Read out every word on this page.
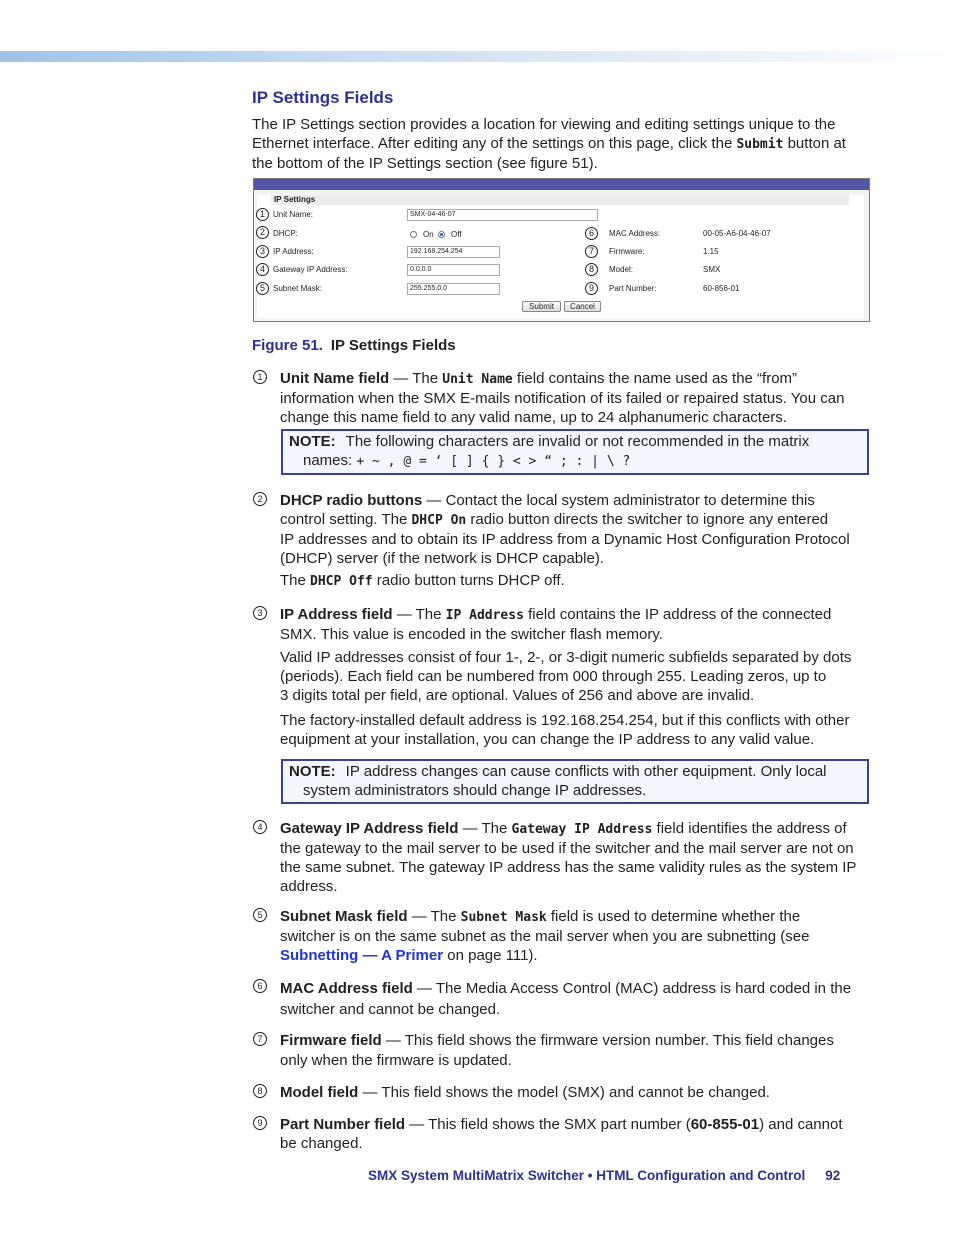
IP Settings Fields
The IP Settings section provides a location for viewing and editing settings unique to the
Ethernet interface. After editing any of the settings on this page, click the Submit button at
the bottom of the IP Settings section (see figure 51).
IP Settings
1	Unit Name:	SMX-04-46-07
2	DHCP:	On Off
3	IP Address:	192.168.254.254
4	Gateway IP Address:	0.0.0.0
5	Subnet Mask:	255.255.0.0
6	MAC Address:	00-05-A6-04-46-07
7	Firmware:	1.15
8	Model:	SMX
9	Part Number:	60-856-01
Submit	Cancel
Figure 51. IP Settings Fields
1	Unit Name field — The Unit Name field contains the name used as the “from”
information when the SMX E-mails notification of its failed or repaired status. You can
change this name field to any valid name, up to 24 alphanumeric characters.
NOTE: The following characters are invalid or not recommended in the matrix
names: + ~ , @ = ‘ [ ] { } < > “ ; : | \ ?
2	DHCP radio buttons — Contact the local system administrator to determine this
control setting. The DHCP On radio button directs the switcher to ignore any entered
IP addresses and to obtain its IP address from a Dynamic Host Configuration Protocol
(DHCP) server (if the network is DHCP capable).
The DHCP Off radio button turns DHCP off.
3	IP Address field — The IP Address field contains the IP address of the connected
SMX. This value is encoded in the switcher flash memory.
Valid IP addresses consist of four 1-, 2-, or 3-digit numeric subfields separated by dots
(periods). Each field can be numbered from 000 through 255. Leading zeros, up to
3 digits total per field, are optional. Values of 256 and above are invalid.
The factory-installed default address is 192.168.254.254, but if this conflicts with other
equipment at your installation, you can change the IP address to any valid value.
NOTE: IP address changes can cause conflicts with other equipment. Only local
system administrators should change IP addresses.
4	Gateway IP Address field — The Gateway IP Address field identifies the address of
the gateway to the mail server to be used if the switcher and the mail server are not on
the same subnet. The gateway IP address has the same validity rules as the system IP
address.
5	Subnet Mask field — The Subnet Mask field is used to determine whether the
switcher is on the same subnet as the mail server when you are subnetting (see
Subnetting — A Primer on page 111).
6	MAC Address field — The Media Access Control (MAC) address is hard coded in the
switcher and cannot be changed.
7	Firmware field — This field shows the firmware version number. This field changes
only when the firmware is updated.
8	Model field — This field shows the model (SMX) and cannot be changed.
9	Part Number field — This field shows the SMX part number (60-855-01) and cannot
be changed.
SMX System MultiMatrix Switcher • HTML Configuration and Control 92
